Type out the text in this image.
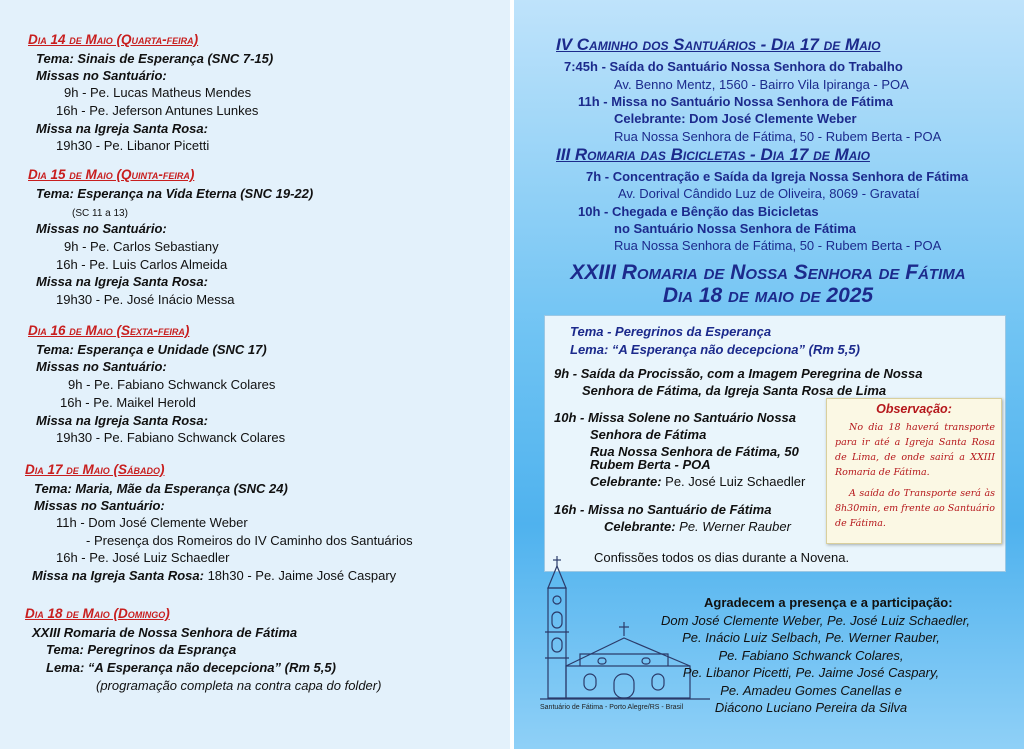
Dia 14 de Maio (Quarta-feira)
Tema: Sinais de Esperança (SNC 7-15)
Missas no Santuário:
9h - Pe. Lucas Matheus Mendes
16h - Pe. Jeferson Antunes Lunkes
Missa na Igreja Santa Rosa:
19h30 - Pe. Libanor Picetti
Dia 15 de Maio (Quinta-feira)
Tema: Esperança na Vida Eterna (SNC 19-22)
(SC 11 a 13)
Missas no Santuário:
9h - Pe. Carlos Sebastiany
16h - Pe. Luis Carlos Almeida
Missa na Igreja Santa Rosa:
19h30 - Pe. José Inácio Messa
Dia 16 de Maio (Sexta-feira)
Tema: Esperança e Unidade (SNC 17)
Missas no Santuário:
9h - Pe. Fabiano Schwanck Colares
16h - Pe. Maikel Herold
Missa na Igreja Santa Rosa:
19h30 - Pe. Fabiano Schwanck Colares
Dia 17 de Maio (Sábado)
Tema: Maria, Mãe da Esperança (SNC 24)
Missas no Santuário:
11h - Dom José Clemente Weber
- Presença dos Romeiros do IV Caminho dos Santuários
16h - Pe. José Luiz Schaedler
Missa na Igreja Santa Rosa: 18h30 - Pe. Jaime José Caspary
Dia 18 de Maio (Domingo)
XXIII Romaria de Nossa Senhora de Fátima
Tema: Peregrinos da Esprança
Lema: “A Esperança não decepciona” (Rm 5,5)
(programação completa na contra capa do folder)
IV Caminho dos Santuários - Dia 17 de Maio
7:45h - Saída do Santuário Nossa Senhora do Trabalho
Av. Benno Mentz, 1560 - Bairro Vila Ipiranga - POA
11h - Missa no Santuário Nossa Senhora de Fátima
Celebrante: Dom José Clemente Weber
Rua Nossa Senhora de Fátima, 50 - Rubem Berta - POA
III Romaria das Bicicletas - Dia 17 de Maio
7h - Concentração e Saída da Igreja Nossa Senhora de Fátima
Av. Dorival Cândido Luz de Oliveira, 8069 - Gravataí
10h - Chegada e Bênção das Bicicletas
no Santuário Nossa Senhora de Fátima
Rua Nossa Senhora de Fátima, 50 - Rubem Berta - POA
XXIII Romaria de Nossa Senhora de Fátima
Dia 18 de maio de 2025
Tema - Peregrinos da Esperança
Lema: “A Esperança não decepciona” (Rm 5,5)
9h - Saída da Procissão, com a Imagem Peregrina de Nossa
Senhora de Fátima, da Igreja Santa Rosa de Lima
10h - Missa Solene no Santuário Nossa
Senhora de Fátima
Rua Nossa Senhora de Fátima, 50
Rubem Berta - POA
Celebrante: Pe. José Luiz Schaedler
16h - Missa no Santuário de Fátima
Celebrante: Pe. Werner Rauber
Confissões todos os dias durante a Novena.
Observação:
No dia 18 haverá transporte para ir até a Igreja Santa Rosa de Lima, de onde sairá a XXIII Romaria de Fátima.
A saída do Transporte será às 8h30min, em frente ao Santuário de Fátima.
Santuário de Fátima - Porto Alegre/RS - Brasil
Agradecem a presença e a participação:
Dom José Clemente Weber, Pe. José Luiz Schaedler,
Pe. Inácio Luiz Selbach, Pe. Werner Rauber,
Pe. Fabiano Schwanck Colares,
Pe. Libanor Picetti, Pe. Jaime José Caspary,
Pe. Amadeu Gomes Canellas e
Diácono Luciano Pereira da Silva
